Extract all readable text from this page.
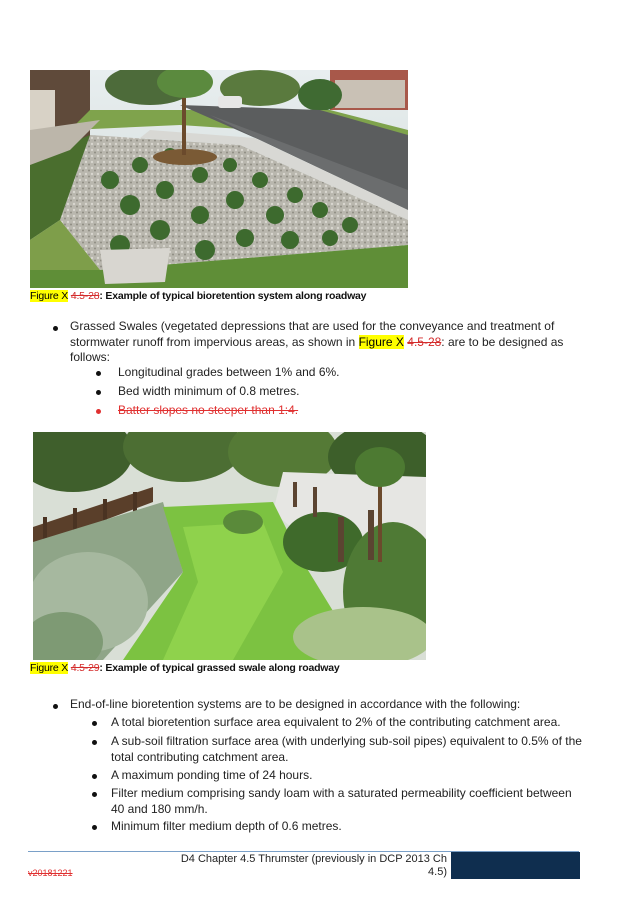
Figure X 4.5-28: Example of typical bioretention system along roadway
Grassed Swales (vegetated depressions that are used for the conveyance and treatment of stormwater runoff from impervious areas, as shown in Figure X 4.5-28: are to be designed as follows:
Longitudinal grades between 1% and 6%.
Bed width minimum of 0.8 metres.
Batter slopes no steeper than 1:4.
Figure X 4.5-29: Example of typical grassed swale along roadway
End-of-line bioretention systems are to be designed in accordance with the following:
A total bioretention surface area equivalent to 2% of the contributing catchment area.
A sub-soil filtration surface area (with underlying sub-soil pipes) equivalent to 0.5% of the total contributing catchment area.
A maximum ponding time of 24 hours.
Filter medium comprising sandy loam with a saturated permeability coefficient between 40 and 180 mm/h.
Minimum filter medium depth of 0.6 metres.
D4 Chapter 4.5 Thrumster (previously in DCP 2013 Ch 4.5)
v20181221
